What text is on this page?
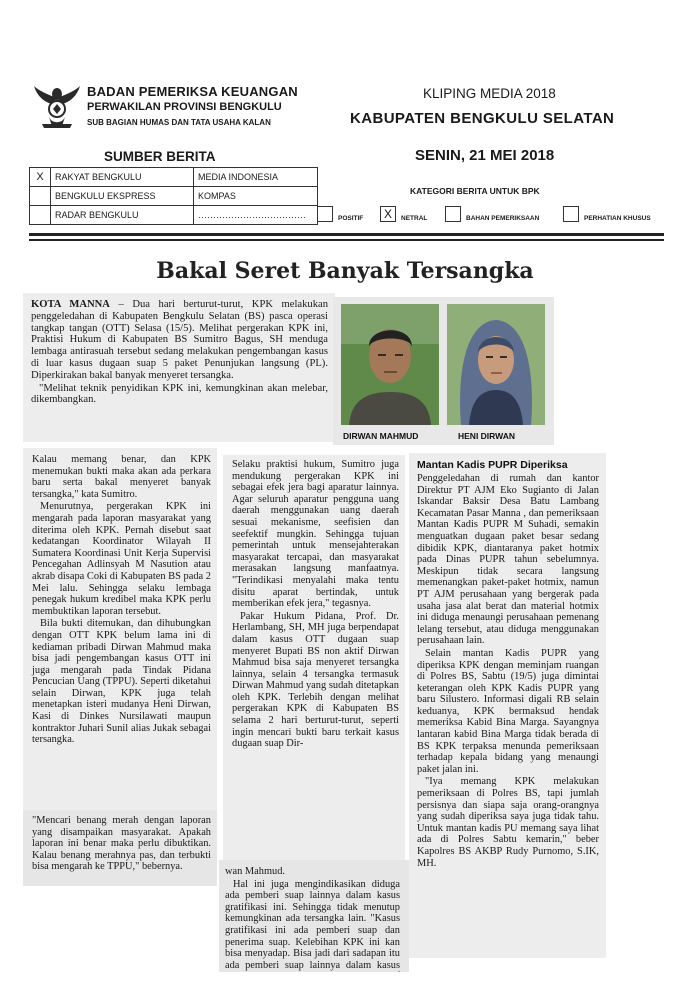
BADAN PEMERIKSA KEUANGAN
PERWAKILAN PROVINSI BENGKULU
SUB BAGIAN HUMAS DAN TATA USAHA KALAN
KLIPING MEDIA 2018
KABUPATEN BENGKULU SELATAN
SUMBER BERITA	SENIN, 21 MEI 2018
X	RAKYAT BENGKULU	MEDIA INDONESIA
	BENGKULU EKSPRESS	KOMPAS
	RADAR BENGKULU	………………………………
KATEGORI BERITA UNTUK BPK
POSITIF	X	NETRAL	BAHAN PEMERIKSAAN	PERHATIAN KHUSUS
Bakal Seret Banyak Tersangka

KOTA MANNA – Dua hari berturut-turut, KPK melakukan penggeledahan di Kabupaten Bengkulu Selatan (BS) pasca operasi tangkap tangan (OTT) Selasa (15/5). Melihat pergerakan KPK ini, Praktisi Hukum di Kabupaten BS Sumitro Bagus, SH menduga lembaga antirasuah tersebut sedang melakukan pengembangan kasus di luar kasus dugaan suap 5 paket Penunjukan langsung (PL). Diperkirakan bakal banyak menyeret tersangka.

"Melihat teknik penyidikan KPK ini, kemungkinan akan melebar, dikembangkan.

DIRWAN MAHMUD	HENI DIRWAN

Kalau memang benar, dan KPK menemukan bukti maka akan ada perkara baru serta bakal menyeret banyak tersangka," kata Sumitro.

Menurutnya, pergerakan KPK ini mengarah pada laporan masyarakat yang diterima oleh KPK. Pernah disebut saat kedatangan Koordinator Wilayah II Sumatera Koordinasi Unit Kerja Supervisi Pencegahan Adlinsyah M Nasution atau akrab disapa Coki di Kabupaten BS pada 2 Mei lalu. Sehingga selaku lembaga penegak hukum kredibel maka KPK perlu membuktikan laporan tersebut.

Bila bukti ditemukan, dan dihubungkan dengan OTT KPK belum lama ini di kediaman pribadi Dirwan Mahmud maka bisa jadi pengembangan kasus OTT ini juga mengarah pada Tindak Pidana Pencucian Uang (TPPU). Seperti diketahui selain Dirwan, KPK juga telah menetapkan isteri mudanya Heni Dirwan, Kasi di Dinkes Nursilawati maupun kontraktor Juhari Sunil alias Jukak sebagai tersangka.

"Mencari benang merah dengan laporan yang disampaikan masyarakat. Apakah laporan ini benar maka perlu dibuktikan. Kalau benang merahnya pas, dan terbukti bisa mengarah ke TPPU," bebernya.

Selaku praktisi hukum, Sumitro juga mendukung pergerakan KPK ini sebagai efek jera bagi aparatur lainnya. Agar seluruh aparatur pengguna uang daerah menggunakan uang daerah sesuai mekanisme, seefisien dan seefektif mungkin. Sehingga tujuan pemerintah untuk mensejahterakan masyarakat tercapai, dan masyarakat merasakan langsung manfaatnya. "Terindikasi menyalahi maka tentu disitu aparat bertindak, untuk memberikan efek jera," tegasnya.

Pakar Hukum Pidana, Prof. Dr. Herlambang, SH, MH juga berpendapat dalam kasus OTT dugaan suap menyeret Bupati BS non aktif Dirwan Mahmud bisa saja menyeret tersangka lainnya, selain 4 tersangka termasuk Dirwan Mahmud yang sudah ditetapkan oleh KPK. Terlebih dengan melihat pergerakan KPK di Kabupaten BS selama 2 hari berturut-turut, seperti ingin mencari bukti baru terkait kasus dugaan suap Dir-

wan Mahmud.

Hal ini juga mengindikasikan diduga ada pemberi suap lainnya dalam kasus gratifikasi ini. Sehingga tidak menutup kemungkinan ada tersangka lain. "Kasus gratifikasi ini ada pemberi suap dan penerima suap. Kelebihan KPK ini kan bisa menyadap. Bisa jadi dari sadapan itu ada pemberi suap lainnya dalam kasus

Mantan Kadis PUPR Diperiksa

Penggeledahan di rumah dan kantor Direktur PT AJM Eko Sugianto di Jalan Iskandar Baksir Desa Batu Lambang Kecamatan Pasar Manna , dan pemeriksaan Mantan Kadis PUPR M Suhadi, semakin menguatkan dugaan paket besar sedang dibidik KPK, diantaranya paket hotmix pada Dinas PUPR tahun sebelumnya. Meskipun tidak secara langsung memenangkan paket-paket hotmix, namun PT AJM perusahaan yang bergerak pada usaha jasa alat berat dan material hotmix ini diduga menaungi perusahaan pemenang lelang tersebut, atau diduga menggunakan perusahaan lain.

Selain mantan Kadis PUPR yang diperiksa KPK dengan meminjam ruangan di Polres BS, Sabtu (19/5) juga dimintai keterangan oleh KPK Kadis PUPR yang baru Silustero. Informasi digali RB selain keduanya, KPK bermaksud hendak memeriksa Kabid Bina Marga. Sayangnya lantaran kabid Bina Marga tidak berada di BS KPK terpaksa menunda pemeriksaan terhadap kepala bidang yang menaungi paket jalan ini.

"Iya memang KPK melakukan pemeriksaan di Polres BS, tapi jumlah persisnya dan siapa saja orang-orangnya yang sudah diperiksa saya juga tidak tahu. Untuk mantan kadis PU memang saya lihat ada di Polres Sabtu kemarin," beber Kapolres BS AKBP Rudy Purnomo, S.IK, MH.
